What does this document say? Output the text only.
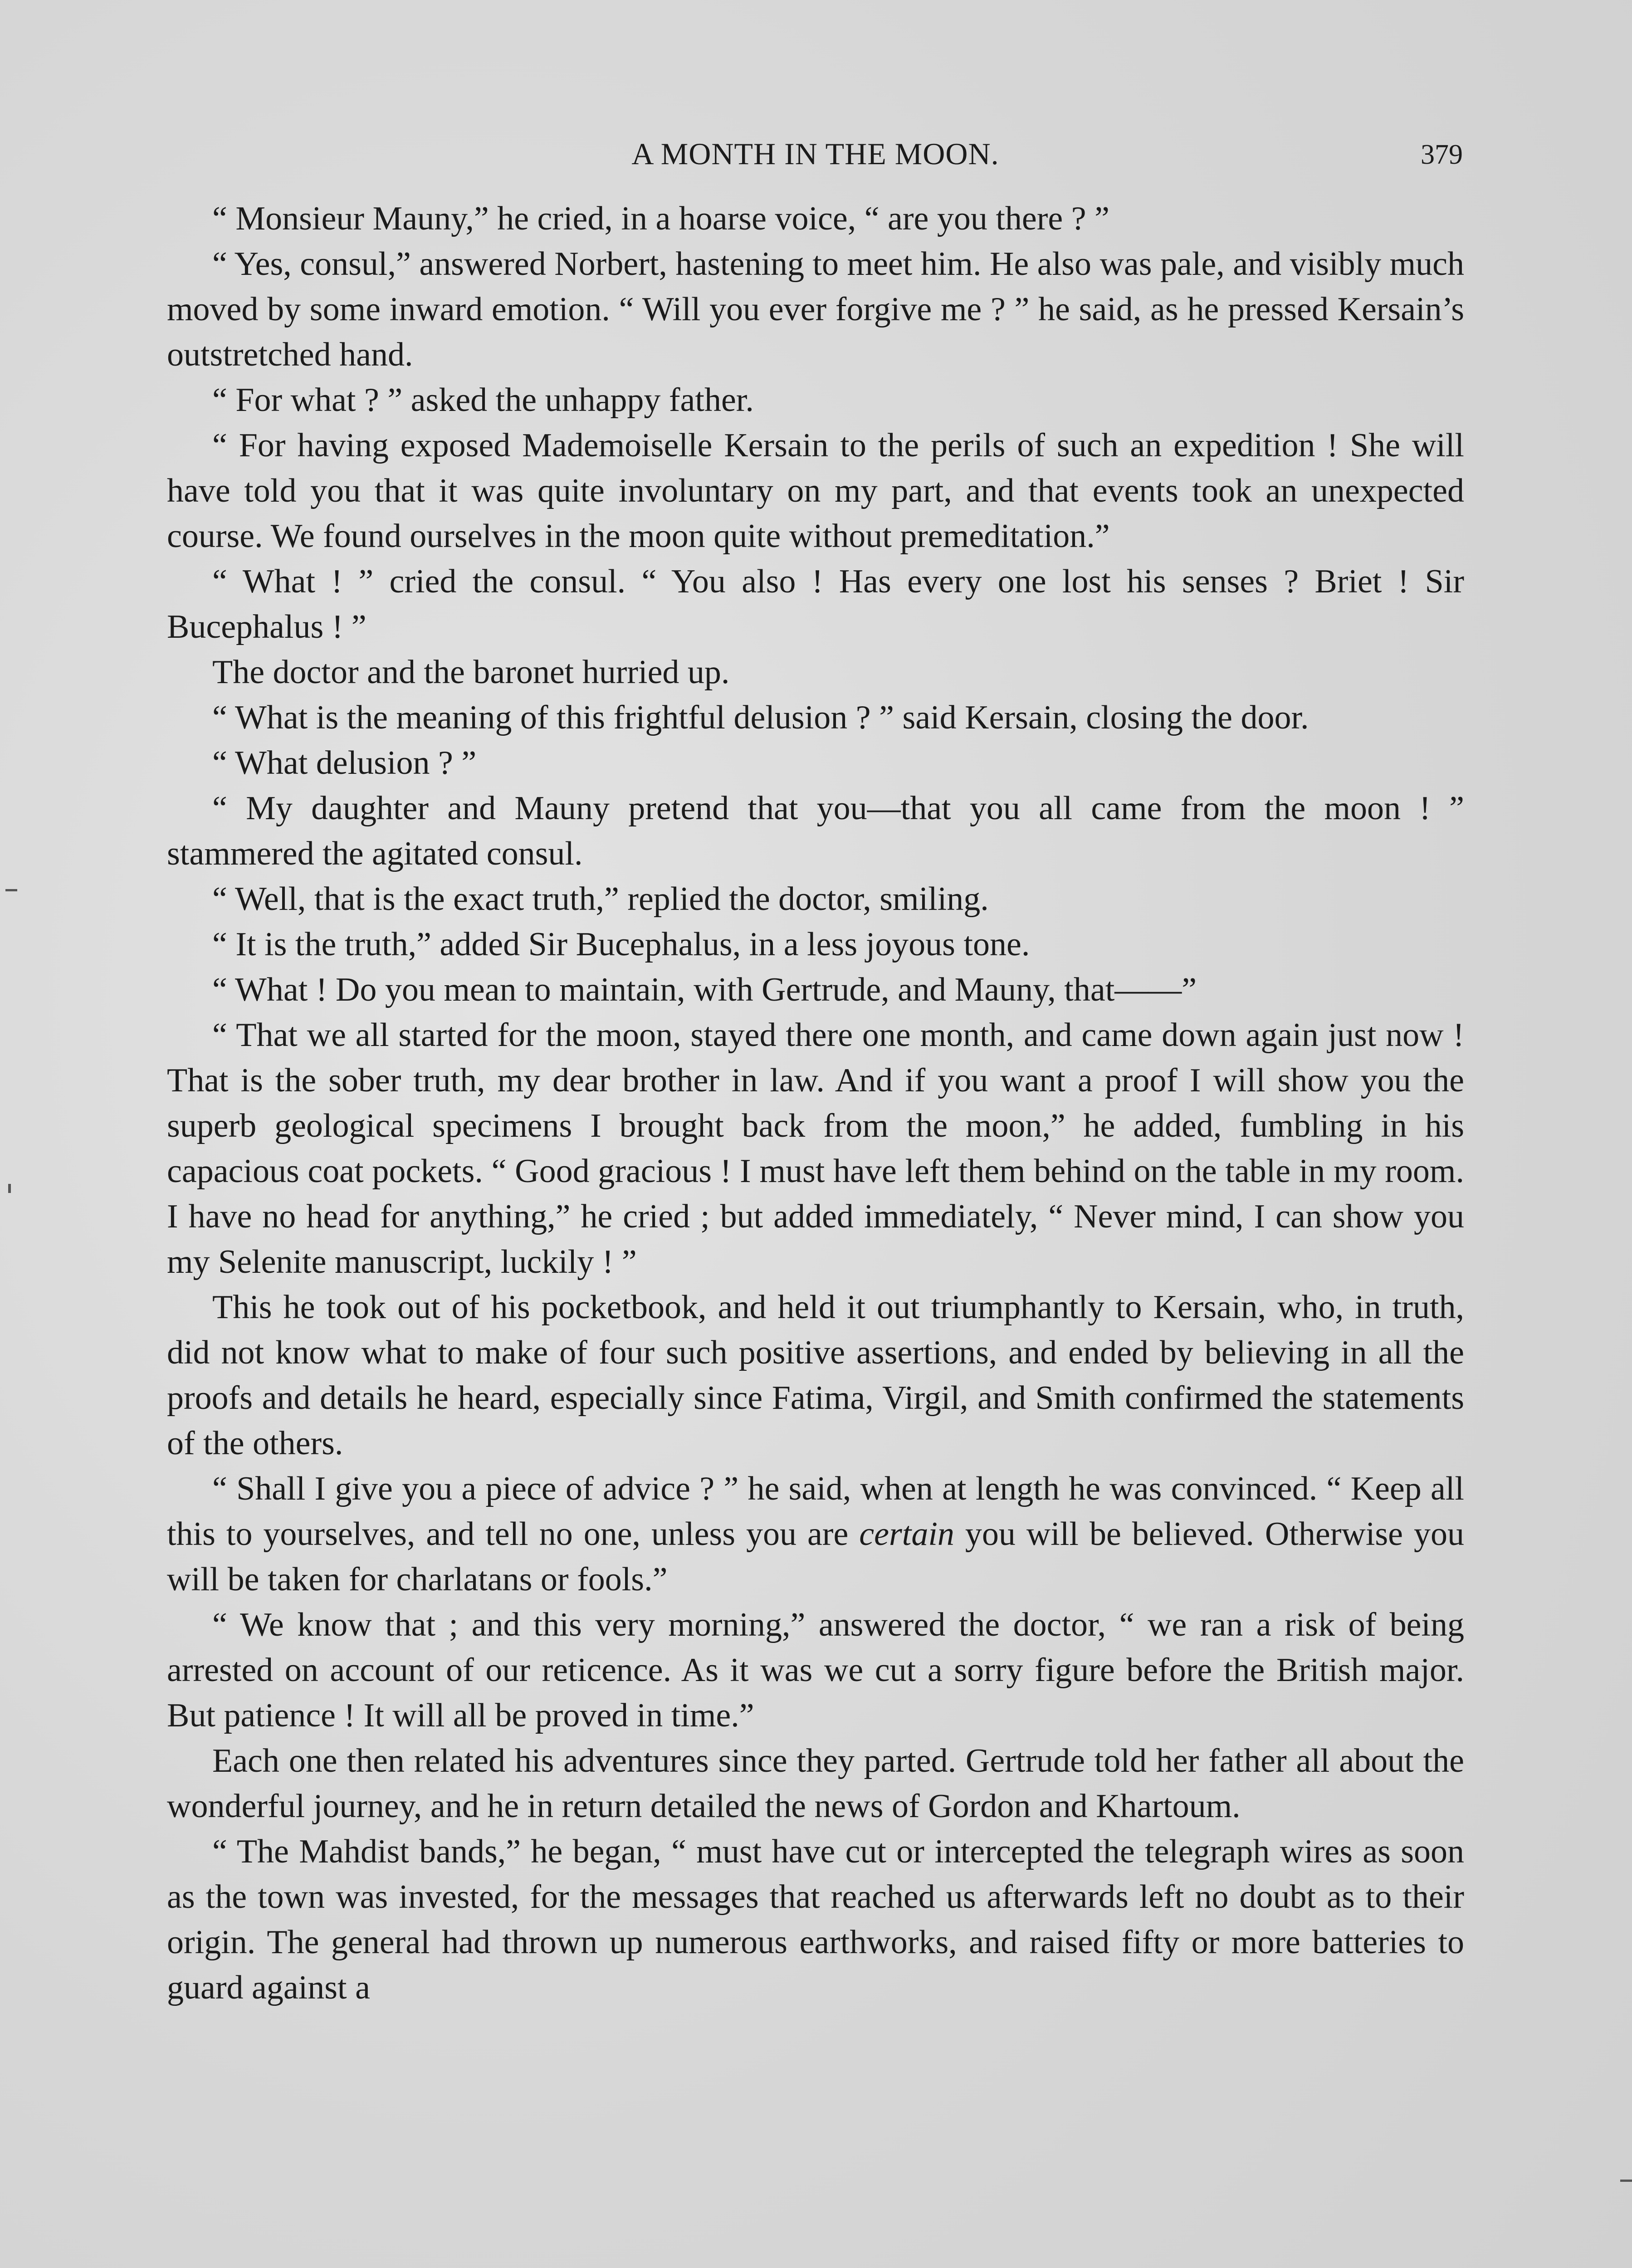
A MONTH IN THE MOON.	379

“ Monsieur Mauny,” he cried, in a hoarse voice, “ are you there ? ”

“ Yes, consul,” answered Norbert, hastening to meet him. He also was pale, and visibly much moved by some inward emotion. “ Will you ever forgive me ? ” he said, as he pressed Kersain’s outstretched hand.

“ For what ? ” asked the unhappy father.

“ For having exposed Mademoiselle Kersain to the perils of such an expedition ! She will have told you that it was quite involuntary on my part, and that events took an unexpected course. We found ourselves in the moon quite without premeditation.”

“ What ! ” cried the consul. “ You also ! Has every one lost his senses ? Briet ! Sir Bucephalus ! ”

The doctor and the baronet hurried up.

“ What is the meaning of this frightful delusion ? ” said Kersain, closing the door.

“ What delusion ? ”

“ My daughter and Mauny pretend that you—that you all came from the moon ! ” stammered the agitated consul.

“ Well, that is the exact truth,” replied the doctor, smiling.

“ It is the truth,” added Sir Bucephalus, in a less joyous tone.

“ What ! Do you mean to maintain, with Gertrude, and Mauny, that——”

“ That we all started for the moon, stayed there one month, and came down again just now ! That is the sober truth, my dear brother in law. And if you want a proof I will show you the superb geological specimens I brought back from the moon,” he added, fumbling in his capacious coat pockets. “ Good gracious ! I must have left them behind on the table in my room. I have no head for anything,” he cried ; but added immediately, “ Never mind, I can show you my Selenite manuscript, luckily ! ”

This he took out of his pocketbook, and held it out triumphantly to Kersain, who, in truth, did not know what to make of four such positive assertions, and ended by believing in all the proofs and details he heard, especially since Fatima, Virgil, and Smith confirmed the statements of the others.

“ Shall I give you a piece of advice ? ” he said, when at length he was convinced. “ Keep all this to yourselves, and tell no one, unless you are certain you will be believed. Otherwise you will be taken for charlatans or fools.”

“ We know that ; and this very morning,” answered the doctor, “ we ran a risk of being arrested on account of our reticence. As it was we cut a sorry figure before the British major. But patience ! It will all be proved in time.”

Each one then related his adventures since they parted. Gertrude told her father all about the wonderful journey, and he in return detailed the news of Gordon and Khartoum.

“ The Mahdist bands,” he began, “ must have cut or intercepted the telegraph wires as soon as the town was invested, for the messages that reached us afterwards left no doubt as to their origin. The general had thrown up numerous earthworks, and raised fifty or more batteries to guard against a
